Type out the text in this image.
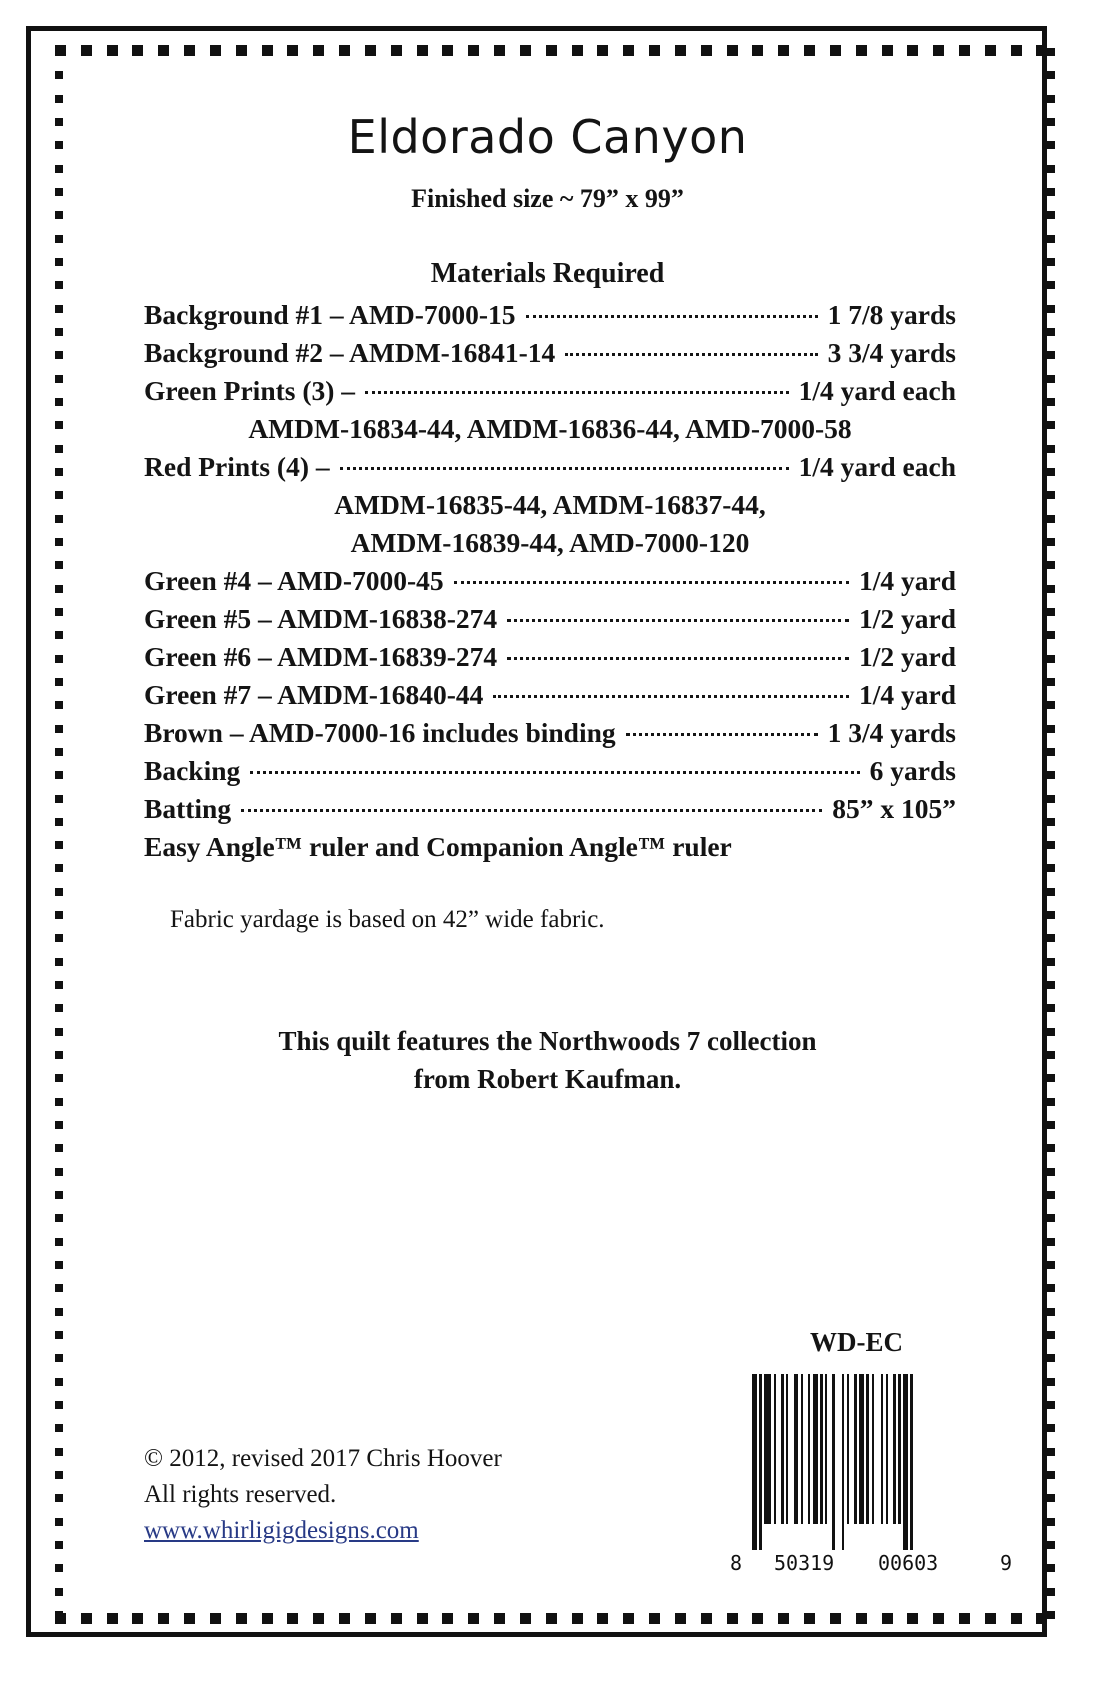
Eldorado Canyon
Finished size ~ 79” x 99”
Materials Required
Background #1 – AMD-7000-15	1 7/8 yards
Background #2 – AMDM-16841-14	3 3/4 yards
Green Prints (3) –	1/4 yard each
AMDM-16834-44, AMDM-16836-44, AMD-7000-58
Red Prints (4) –	1/4 yard each
AMDM-16835-44, AMDM-16837-44,
AMDM-16839-44, AMD-7000-120
Green #4 – AMD-7000-45	1/4 yard
Green #5 – AMDM-16838-274	1/2 yard
Green #6 – AMDM-16839-274	1/2 yard
Green #7 – AMDM-16840-44	1/4 yard
Brown – AMD-7000-16 includes binding	1 3/4 yards
Backing	6 yards
Batting	85” x 105”
Easy Angle™ ruler and Companion Angle™ ruler
Fabric yardage is based on 42” wide fabric.
This quilt features the Northwoods 7 collection
from Robert Kaufman.
© 2012, revised 2017 Chris Hoover
All rights reserved.
www.whirligigdesigns.com
WD-EC
8 50319 00603	9
